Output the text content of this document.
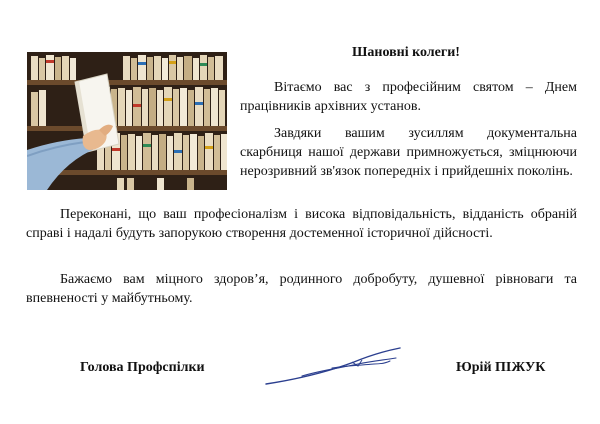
Шановні колеги!

Вітаємо вас з професійним святом – Днем працівників архівних установ.

Завдяки вашим зусиллям документальна скарбниця нашої держави примножується, зміцнюючи нерозривний зв'язок попередніх і прийдешніх поколінь.

Переконані, що ваш професіоналізм і висока відповідальність, відданість обраній справі і надалі будуть запорукою створення достеменної історичної дійсності.

Бажаємо вам міцного здоров’я, родинного добробуту, душевної рівноваги та впевненості у майбутньому.

Голова Профспілки	Юрій ПІЖУК
